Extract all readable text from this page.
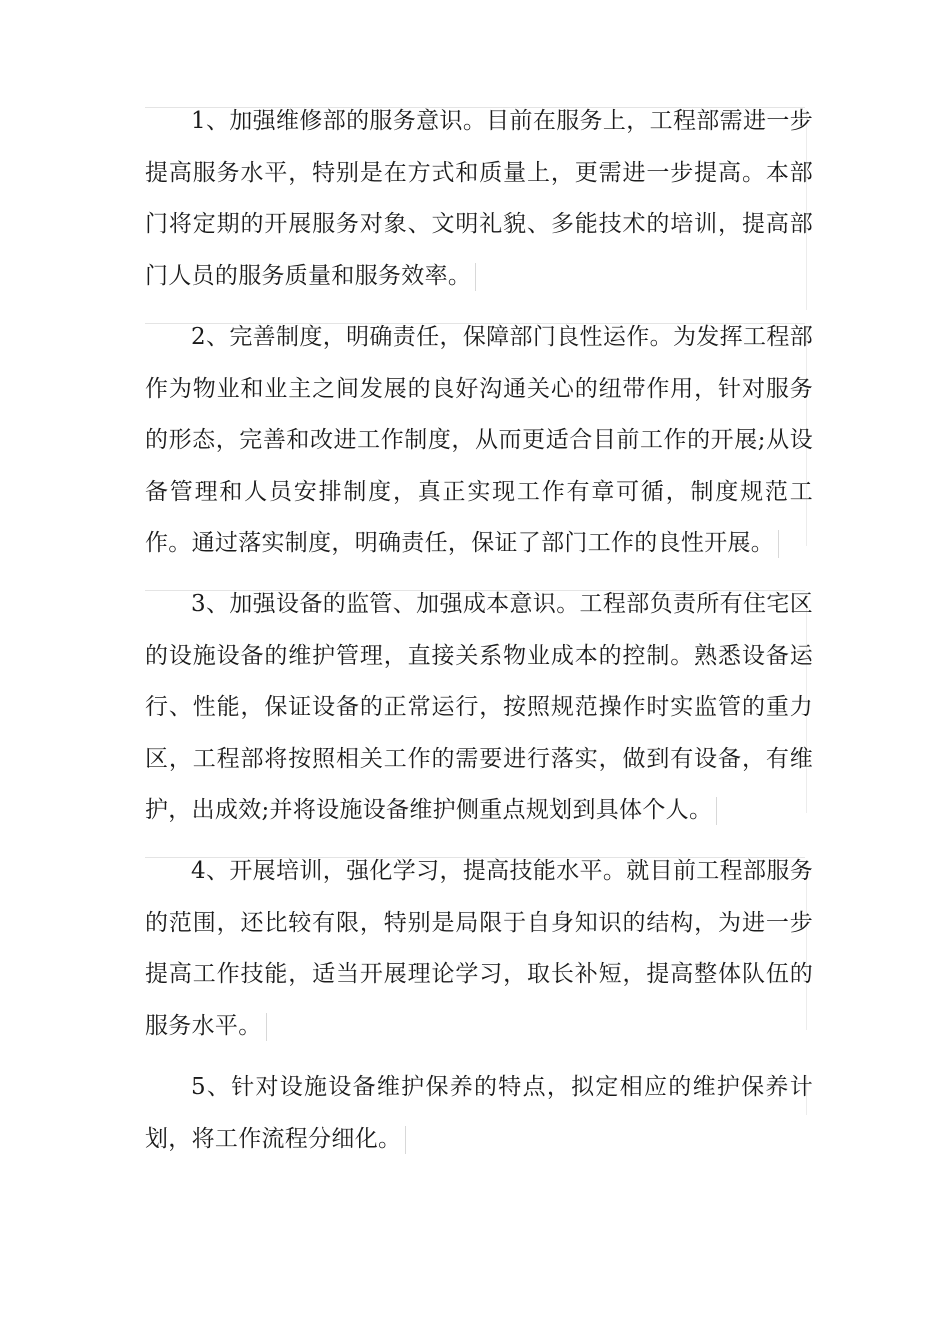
1、加强维修部的服务意识。目前在服务上，工程部需进一步提高服务水平，特别是在方式和质量上，更需进一步提高。本部门将定期的开展服务对象、文明礼貌、多能技术的培训，提高部门人员的服务质量和服务效率。

2、完善制度，明确责任，保障部门良性运作。为发挥工程部作为物业和业主之间发展的良好沟通关心的纽带作用，针对服务的形态，完善和改进工作制度，从而更适合目前工作的开展;从设备管理和人员安排制度，真正实现工作有章可循，制度规范工作。通过落实制度，明确责任，保证了部门工作的良性开展。

3、加强设备的监管、加强成本意识。工程部负责所有住宅区的设施设备的维护管理，直接关系物业成本的控制。熟悉设备运行、性能，保证设备的正常运行，按照规范操作时实监管的重力区，工程部将按照相关工作的需要进行落实，做到有设备，有维护，出成效;并将设施设备维护侧重点规划到具体个人。

4、开展培训，强化学习，提高技能水平。就目前工程部服务的范围，还比较有限，特别是局限于自身知识的结构，为进一步提高工作技能，适当开展理论学习，取长补短，提高整体队伍的服务水平。

5、针对设施设备维护保养的特点，拟定相应的维护保养计划，将工作流程分细化。
